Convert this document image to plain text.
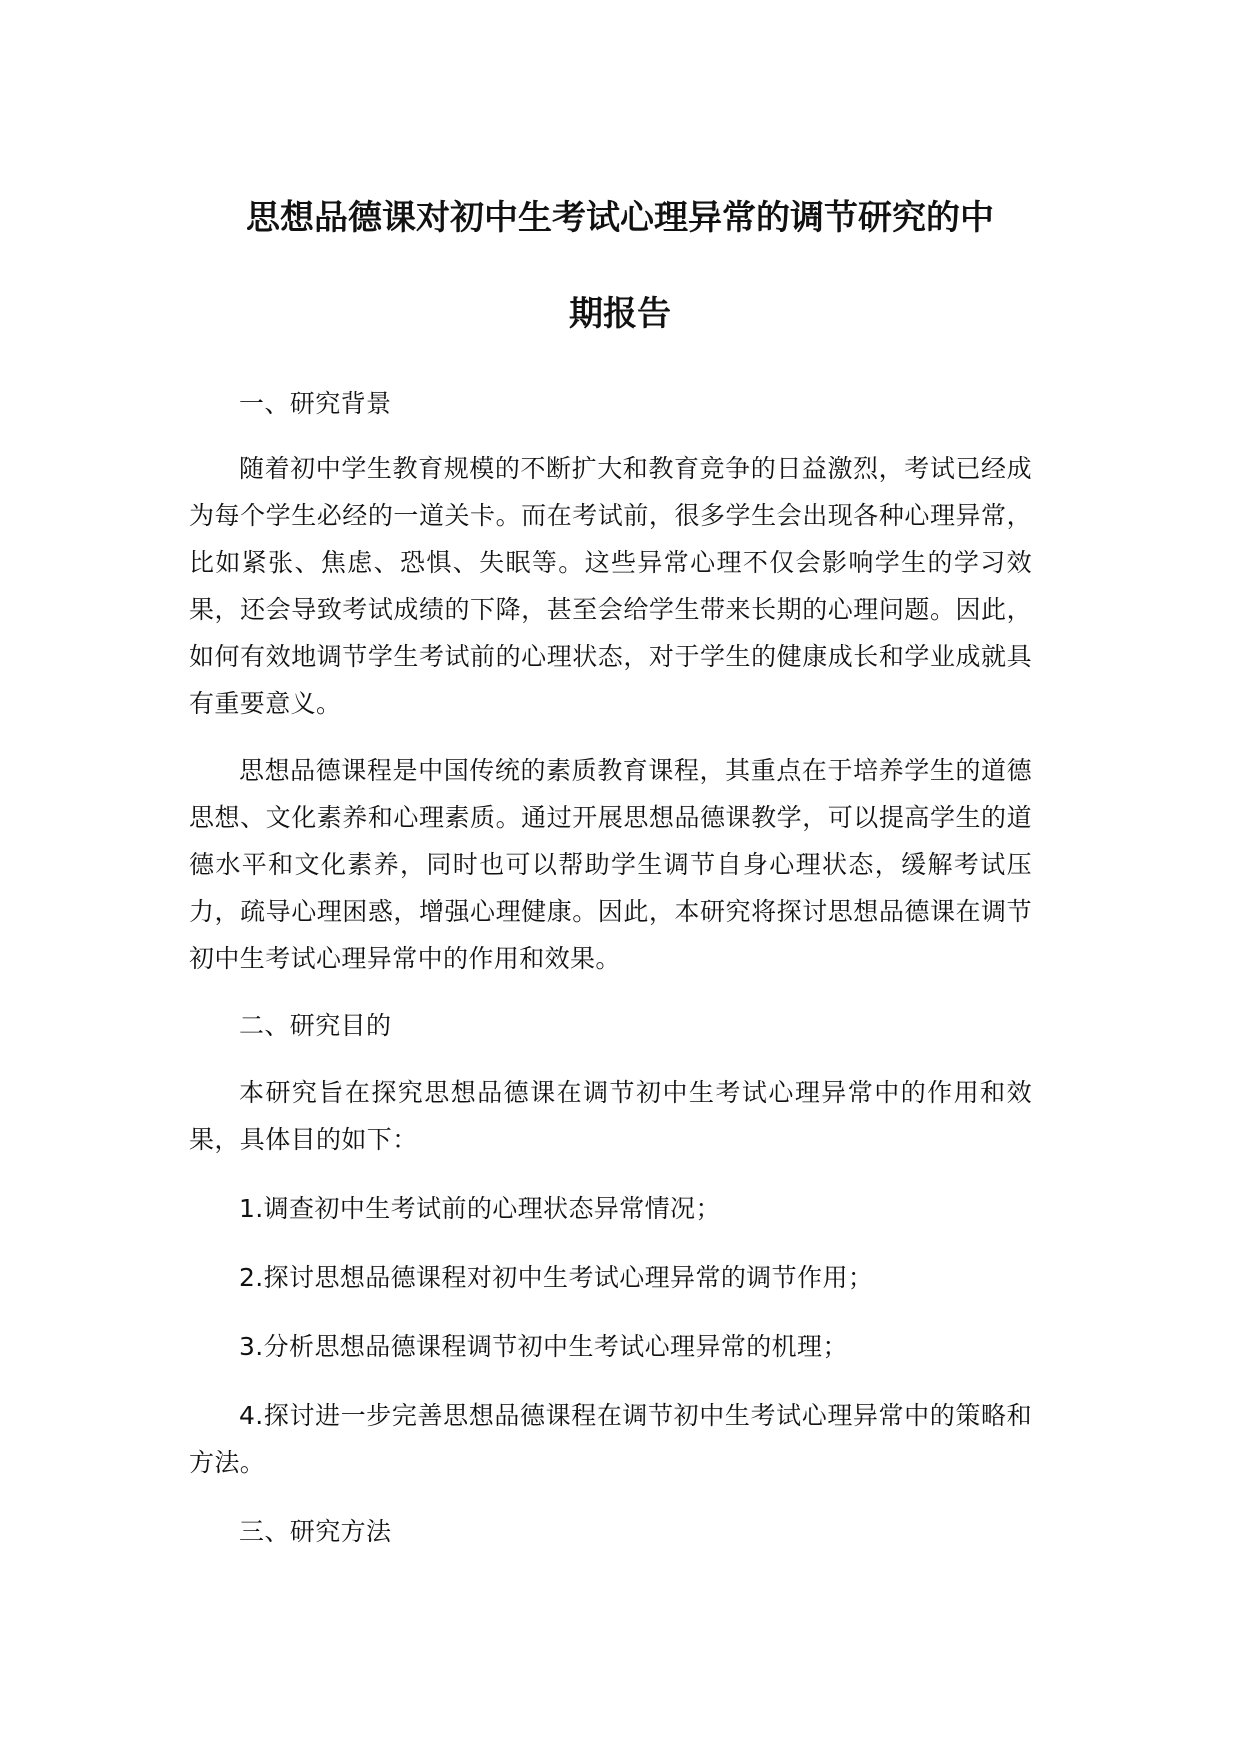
思想品德课对初中生考试心理异常的调节研究的中
期报告

一、研究背景

随着初中学生教育规模的不断扩大和教育竞争的日益激烈，考试已经成为每个学生必经的一道关卡。而在考试前，很多学生会出现各种心理异常，比如紧张、焦虑、恐惧、失眠等。这些异常心理不仅会影响学生的学习效果，还会导致考试成绩的下降，甚至会给学生带来长期的心理问题。因此，如何有效地调节学生考试前的心理状态，对于学生的健康成长和学业成就具有重要意义。

思想品德课程是中国传统的素质教育课程，其重点在于培养学生的道德思想、文化素养和心理素质。通过开展思想品德课教学，可以提高学生的道德水平和文化素养，同时也可以帮助学生调节自身心理状态，缓解考试压力，疏导心理困惑，增强心理健康。因此，本研究将探讨思想品德课在调节初中生考试心理异常中的作用和效果。

二、研究目的

本研究旨在探究思想品德课在调节初中生考试心理异常中的作用和效果，具体目的如下：

1.调查初中生考试前的心理状态异常情况；

2.探讨思想品德课程对初中生考试心理异常的调节作用；

3.分析思想品德课程调节初中生考试心理异常的机理；

4.探讨进一步完善思想品德课程在调节初中生考试心理异常中的策略和方法。

三、研究方法
